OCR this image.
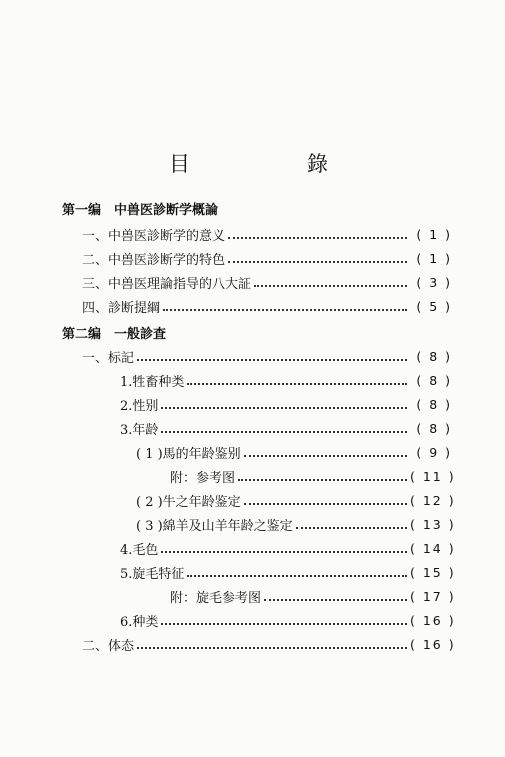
目　錄
第一编　中兽医診断学概論
一、中兽医診断学的意义	( 1 )
二、中兽医診断学的特色	( 1 )
三、中兽医理論指导的八大証	( 3 )
四、診断提綱	( 5 )
第二编　一般診査
一、标記	( 8 )
1.牲畜种类	( 8 )
2.性别	( 8 )
3.年龄	( 8 )
( 1 )馬的年龄鉴别	( 9 )
附：参考图	( 11 )
( 2 )牛之年龄鉴定	( 12 )
( 3 )綿羊及山羊年龄之鉴定	( 13 )
4.毛色	( 14 )
5.旋毛特征	( 15 )
附：旋毛参考图	( 17 )
6.种类	( 16 )
二、体态	( 16 )
